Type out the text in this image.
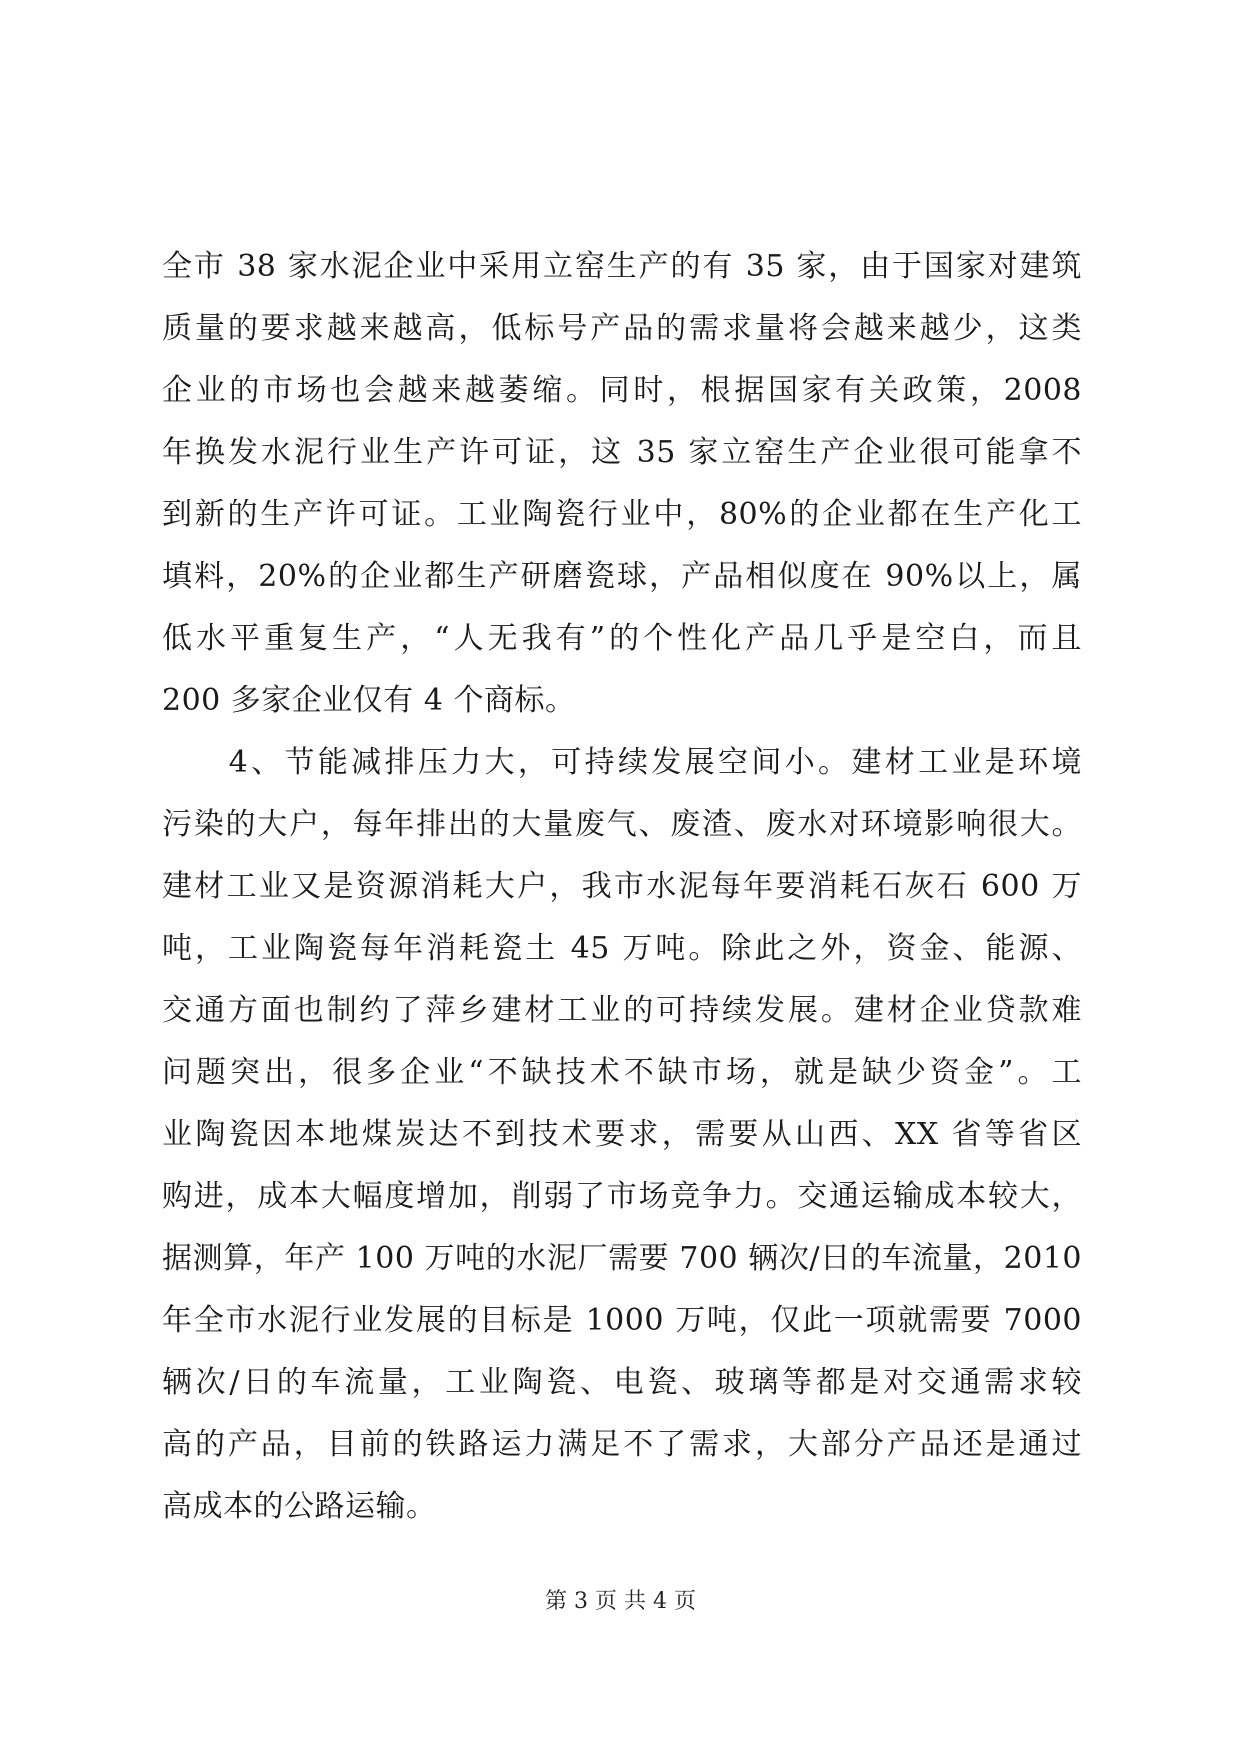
全市 38 家水泥企业中采用立窑生产的有 35 家，由于国家对建筑
质量的要求越来越高，低标号产品的需求量将会越来越少，这类
企业的市场也会越来越萎缩。同时，根据国家有关政策，2008
年换发水泥行业生产许可证，这 35 家立窑生产企业很可能拿不
到新的生产许可证。工业陶瓷行业中，80%的企业都在生产化工
填料，20%的企业都生产研磨瓷球，产品相似度在 90%以上，属
低水平重复生产，“人无我有”的个性化产品几乎是空白，而且
200 多家企业仅有 4 个商标。
　　4、节能减排压力大，可持续发展空间小。建材工业是环境
污染的大户，每年排出的大量废气、废渣、废水对环境影响很大。
建材工业又是资源消耗大户，我市水泥每年要消耗石灰石 600 万
吨，工业陶瓷每年消耗瓷土 45 万吨。除此之外，资金、能源、
交通方面也制约了萍乡建材工业的可持续发展。建材企业贷款难
问题突出，很多企业“不缺技术不缺市场，就是缺少资金”。工
业陶瓷因本地煤炭达不到技术要求，需要从山西、XX 省等省区
购进，成本大幅度增加，削弱了市场竞争力。交通运输成本较大，
据测算，年产 100 万吨的水泥厂需要 700 辆次/日的车流量，2010
年全市水泥行业发展的目标是 1000 万吨，仅此一项就需要 7000
辆次/日的车流量，工业陶瓷、电瓷、玻璃等都是对交通需求较
高的产品，目前的铁路运力满足不了需求，大部分产品还是通过
高成本的公路运输。
第 3 页 共 4 页
